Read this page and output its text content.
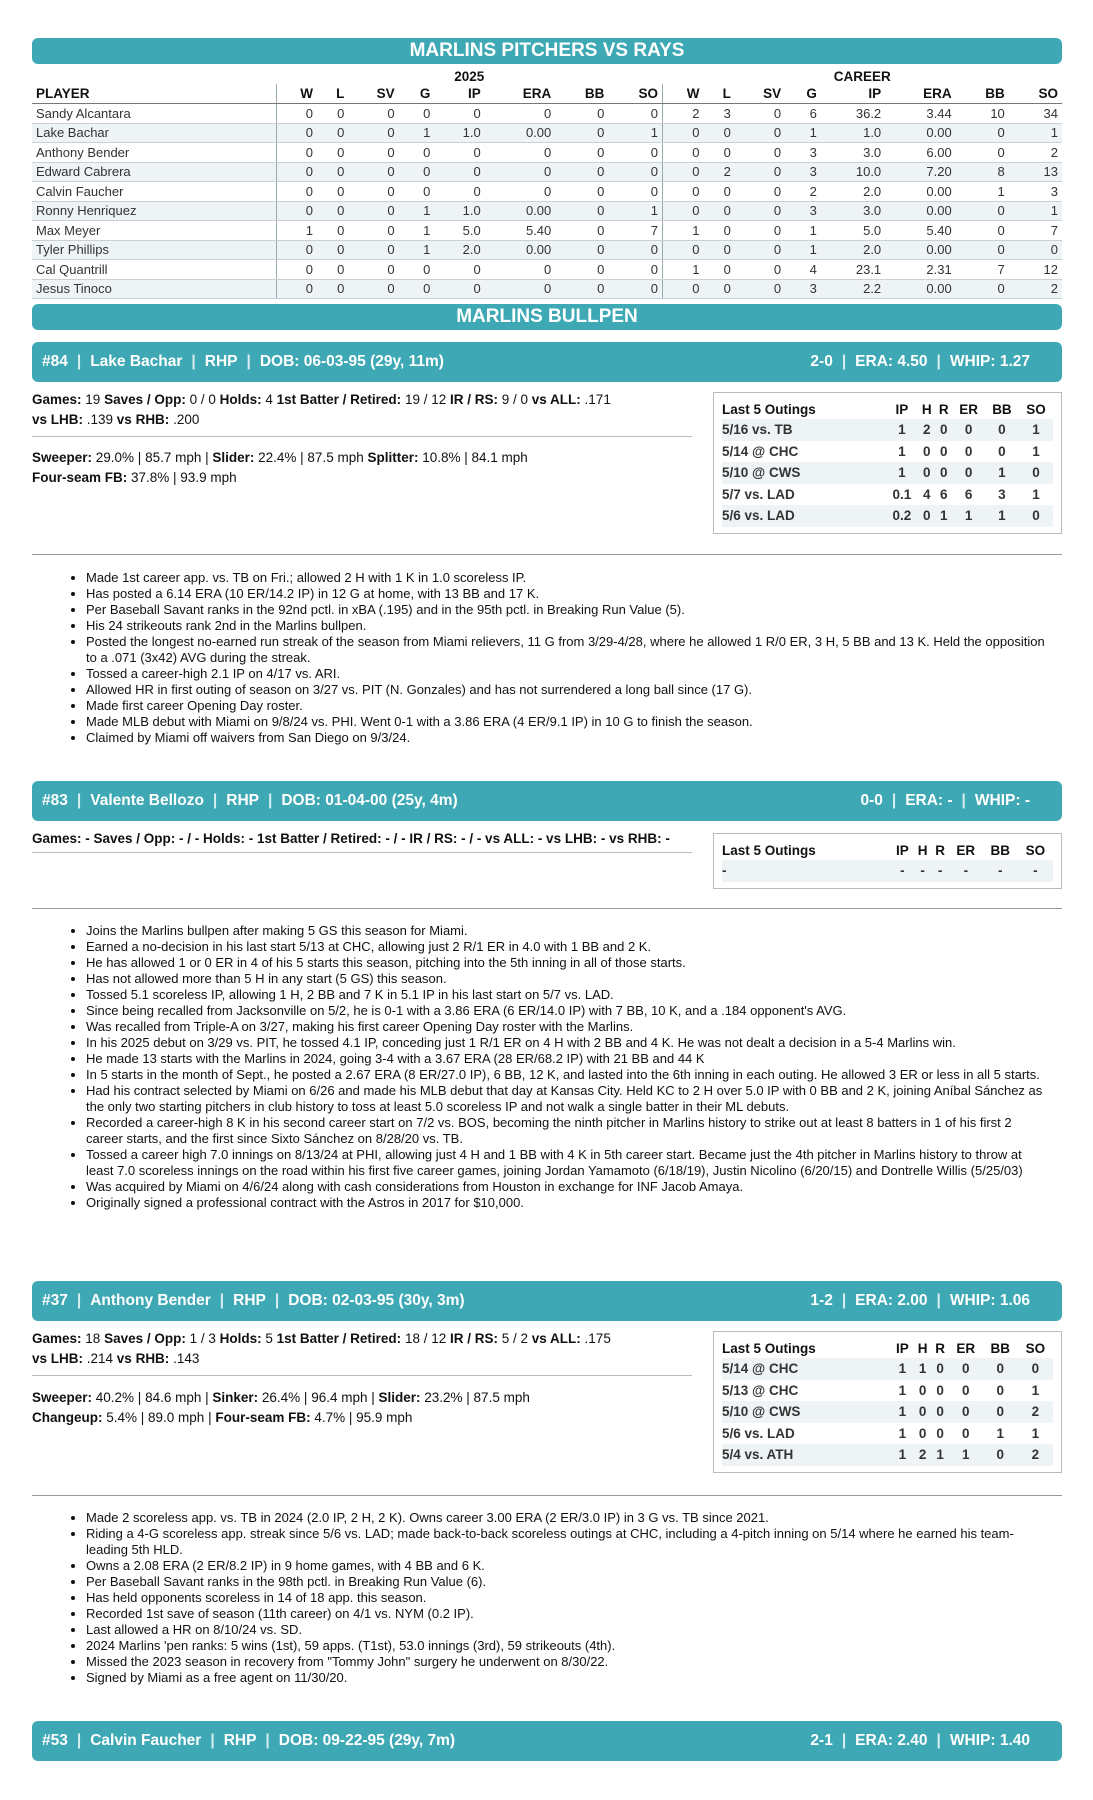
MARLINS PITCHERS VS RAYS
	2025								CAREER							
PLAYER	W	L	SV	G	IP	ERA	BB	SO	W	L	SV	G	IP	ERA	BB	SO
Sandy Alcantara	0	0	0	0	0	0	0	0	2	3	0	6	36.2	3.44	10	34
Lake Bachar	0	0	0	1	1.0	0.00	0	1	0	0	0	1	1.0	0.00	0	1
Anthony Bender	0	0	0	0	0	0	0	0	0	0	0	3	3.0	6.00	0	2
Edward Cabrera	0	0	0	0	0	0	0	0	0	2	0	3	10.0	7.20	8	13
Calvin Faucher	0	0	0	0	0	0	0	0	0	0	0	2	2.0	0.00	1	3
Ronny Henriquez	0	0	0	1	1.0	0.00	0	1	0	0	0	3	3.0	0.00	0	1
Max Meyer	1	0	0	1	5.0	5.40	0	7	1	0	0	1	5.0	5.40	0	7
Tyler Phillips	0	0	0	1	2.0	0.00	0	0	0	0	0	1	2.0	0.00	0	0
Cal Quantrill	0	0	0	0	0	0	0	0	1	0	0	4	23.1	2.31	7	12
Jesus Tinoco	0	0	0	0	0	0	0	0	0	0	0	3	2.2	0.00	0	2
MARLINS BULLPEN
#84 | Lake Bachar | RHP | DOB: 06-03-95 (29y, 11m)	2-0 | ERA: 4.50 | WHIP: 1.27
Games: 19 Saves / Opp: 0 / 0 Holds: 4 1st Batter / Retired: 19 / 12 IR / RS: 9 / 0 vs ALL: .171
vs LHB: .139 vs RHB: .200
Sweeper: 29.0% | 85.7 mph | Slider: 22.4% | 87.5 mph Splitter: 10.8% | 84.1 mph
Four-seam FB: 37.8% | 93.9 mph
Last 5 Outings	IP	H	R	ER	BB	SO
5/16 vs. TB	1	2	0	0	0	1
5/14 @ CHC	1	0	0	0	0	1
5/10 @ CWS	1	0	0	0	1	0
5/7 vs. LAD	0.1	4	6	6	3	1
5/6 vs. LAD	0.2	0	1	1	1	0
• Made 1st career app. vs. TB on Fri.; allowed 2 H with 1 K in 1.0 scoreless IP.
• Has posted a 6.14 ERA (10 ER/14.2 IP) in 12 G at home, with 13 BB and 17 K.
• Per Baseball Savant ranks in the 92nd pctl. in xBA (.195) and in the 95th pctl. in Breaking Run Value (5).
• His 24 strikeouts rank 2nd in the Marlins bullpen.
• Posted the longest no-earned run streak of the season from Miami relievers, 11 G from 3/29-4/28, where he allowed 1 R/0 ER, 3 H, 5 BB and 13 K. Held the opposition to a .071 (3x42) AVG during the streak.
• Tossed a career-high 2.1 IP on 4/17 vs. ARI.
• Allowed HR in first outing of season on 3/27 vs. PIT (N. Gonzales) and has not surrendered a long ball since (17 G).
• Made first career Opening Day roster.
• Made MLB debut with Miami on 9/8/24 vs. PHI. Went 0-1 with a 3.86 ERA (4 ER/9.1 IP) in 10 G to finish the season.
• Claimed by Miami off waivers from San Diego on 9/3/24.
#83 | Valente Bellozo | RHP | DOB: 01-04-00 (25y, 4m)	0-0 | ERA: - | WHIP: -
Games: - Saves / Opp: - / - Holds: - 1st Batter / Retired: - / - IR / RS: - / - vs ALL: - vs LHB: - vs RHB: -
Last 5 Outings	IP	H	R	ER	BB	SO
-	-	-	-	-	-	-
• Joins the Marlins bullpen after making 5 GS this season for Miami.
• Earned a no-decision in his last start 5/13 at CHC, allowing just 2 R/1 ER in 4.0 with 1 BB and 2 K.
• He has allowed 1 or 0 ER in 4 of his 5 starts this season, pitching into the 5th inning in all of those starts.
• Has not allowed more than 5 H in any start (5 GS) this season.
• Tossed 5.1 scoreless IP, allowing 1 H, 2 BB and 7 K in 5.1 IP in his last start on 5/7 vs. LAD.
• Since being recalled from Jacksonville on 5/2, he is 0-1 with a 3.86 ERA (6 ER/14.0 IP) with 7 BB, 10 K, and a .184 opponent's AVG.
• Was recalled from Triple-A on 3/27, making his first career Opening Day roster with the Marlins.
• In his 2025 debut on 3/29 vs. PIT, he tossed 4.1 IP, conceding just 1 R/1 ER on 4 H with 2 BB and 4 K. He was not dealt a decision in a 5-4 Marlins win.
• He made 13 starts with the Marlins in 2024, going 3-4 with a 3.67 ERA (28 ER/68.2 IP) with 21 BB and 44 K
• In 5 starts in the month of Sept., he posted a 2.67 ERA (8 ER/27.0 IP), 6 BB, 12 K, and lasted into the 6th inning in each outing. He allowed 3 ER or less in all 5 starts.
• Had his contract selected by Miami on 6/26 and made his MLB debut that day at Kansas City. Held KC to 2 H over 5.0 IP with 0 BB and 2 K, joining Aníbal Sánchez as the only two starting pitchers in club history to toss at least 5.0 scoreless IP and not walk a single batter in their ML debuts.
• Recorded a career-high 8 K in his second career start on 7/2 vs. BOS, becoming the ninth pitcher in Marlins history to strike out at least 8 batters in 1 of his first 2 career starts, and the first since Sixto Sánchez on 8/28/20 vs. TB.
• Tossed a career high 7.0 innings on 8/13/24 at PHI, allowing just 4 H and 1 BB with 4 K in 5th career start. Became just the 4th pitcher in Marlins history to throw at least 7.0 scoreless innings on the road within his first five career games, joining Jordan Yamamoto (6/18/19), Justin Nicolino (6/20/15) and Dontrelle Willis (5/25/03)
• Was acquired by Miami on 4/6/24 along with cash considerations from Houston in exchange for INF Jacob Amaya.
• Originally signed a professional contract with the Astros in 2017 for $10,000.
#37 | Anthony Bender | RHP | DOB: 02-03-95 (30y, 3m)	1-2 | ERA: 2.00 | WHIP: 1.06
Games: 18 Saves / Opp: 1 / 3 Holds: 5 1st Batter / Retired: 18 / 12 IR / RS: 5 / 2 vs ALL: .175
vs LHB: .214 vs RHB: .143
Sweeper: 40.2% | 84.6 mph | Sinker: 26.4% | 96.4 mph | Slider: 23.2% | 87.5 mph
Changeup: 5.4% | 89.0 mph | Four-seam FB: 4.7% | 95.9 mph
Last 5 Outings	IP	H	R	ER	BB	SO
5/14 @ CHC	1	1	0	0	0	0
5/13 @ CHC	1	0	0	0	0	1
5/10 @ CWS	1	0	0	0	0	2
5/6 vs. LAD	1	0	0	0	1	1
5/4 vs. ATH	1	2	1	1	0	2
• Made 2 scoreless app. vs. TB in 2024 (2.0 IP, 2 H, 2 K). Owns career 3.00 ERA (2 ER/3.0 IP) in 3 G vs. TB since 2021.
• Riding a 4-G scoreless app. streak since 5/6 vs. LAD; made back-to-back scoreless outings at CHC, including a 4-pitch inning on 5/14 where he earned his team-leading 5th HLD.
• Owns a 2.08 ERA (2 ER/8.2 IP) in 9 home games, with 4 BB and 6 K.
• Per Baseball Savant ranks in the 98th pctl. in Breaking Run Value (6).
• Has held opponents scoreless in 14 of 18 app. this season.
• Recorded 1st save of season (11th career) on 4/1 vs. NYM (0.2 IP).
• Last allowed a HR on 8/10/24 vs. SD.
• 2024 Marlins 'pen ranks: 5 wins (1st), 59 apps. (T1st), 53.0 innings (3rd), 59 strikeouts (4th).
• Missed the 2023 season in recovery from "Tommy John" surgery he underwent on 8/30/22.
• Signed by Miami as a free agent on 11/30/20.
#53 | Calvin Faucher | RHP | DOB: 09-22-95 (29y, 7m)	2-1 | ERA: 2.40 | WHIP: 1.40
